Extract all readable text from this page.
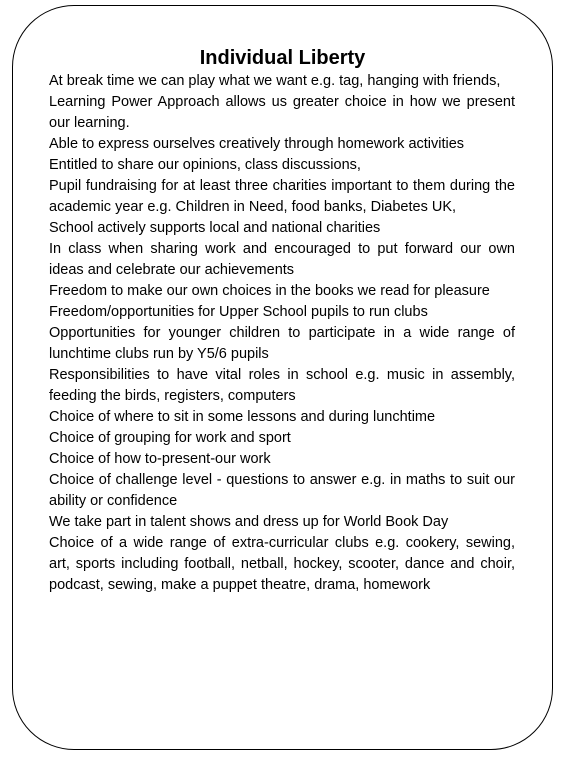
Individual Liberty
At break time we can play what we want e.g. tag, hanging with friends,
Learning Power Approach allows us greater choice in how we present our learning.
Able to express ourselves creatively through homework activities
Entitled to share our opinions, class discussions,
Pupil fundraising for at least three charities important to them during the academic year e.g. Children in Need, food banks, Diabetes UK,
School actively supports local and national charities
In class when sharing work and encouraged to put forward our own ideas and celebrate our achievements
Freedom to make our own choices in the books we read for pleasure
Freedom/opportunities for Upper School pupils to run clubs
Opportunities for younger children to participate in a wide range of lunchtime clubs run by Y5/6 pupils
Responsibilities to have vital roles in school e.g. music in assembly, feeding the birds, registers, computers
Choice of where to sit in some lessons and during lunchtime
Choice of grouping for work and sport
Choice of how to-present-our work
Choice of challenge level - questions to answer e.g. in maths to suit our ability or confidence
We take part in talent shows and dress up for World Book Day
Choice of a wide range of extra-curricular clubs e.g. cookery, sewing, art, sports including football, netball, hockey, scooter, dance and choir, podcast, sewing, make a puppet theatre, drama, homework
